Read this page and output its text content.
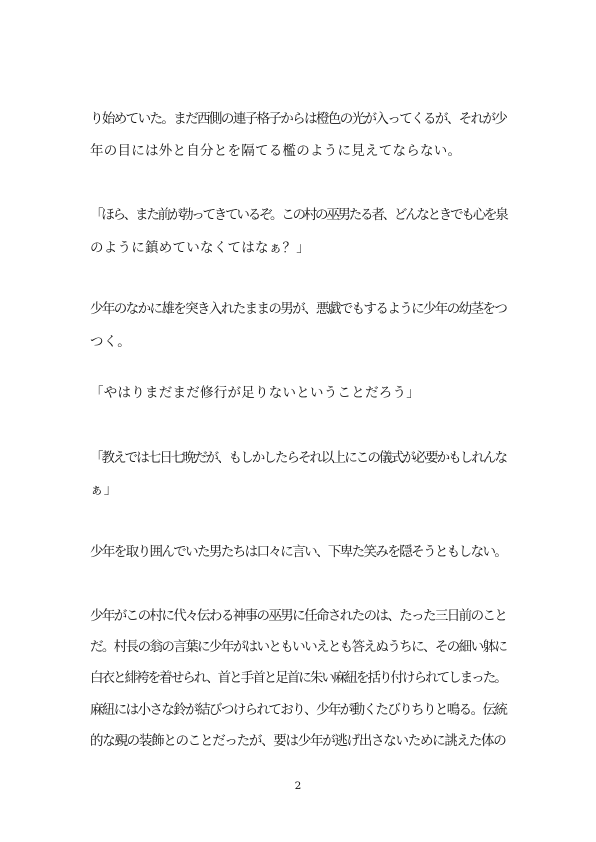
り始めていた。まだ西側の連子格子からは橙色の光が入ってくるが、それが少
年の目には外と自分とを隔てる檻のように見えてならない。
「ほら、また前が勃ってきているぞ。この村の巫男たる者、どんなときでも心を泉
のように鎮めていなくてはなぁ？」
少年のなかに雄を突き入れたままの男が、悪戯でもするように少年の幼茎をつ
つく。
「やはりまだまだ修行が足りないということだろう」
「教えでは七日七晩だが、もしかしたらそれ以上にこの儀式が必要かもしれんな
ぁ」
少年を取り囲んでいた男たちは口々に言い、下卑た笑みを隠そうともしない。
少年がこの村に代々伝わる神事の巫男に任命されたのは、たった三日前のこと
だ。村長の翁の言葉に少年がはいともいいえとも答えぬうちに、その細い躰に
白衣と緋袴を着せられ、首と手首と足首に朱い麻紐を括り付けられてしまった。
麻紐には小さな鈴が結びつけられており、少年が動くたびりちりと鳴る。伝統
的な覡の装飾とのことだったが、要は少年が逃げ出さないために誂えた体の
2
